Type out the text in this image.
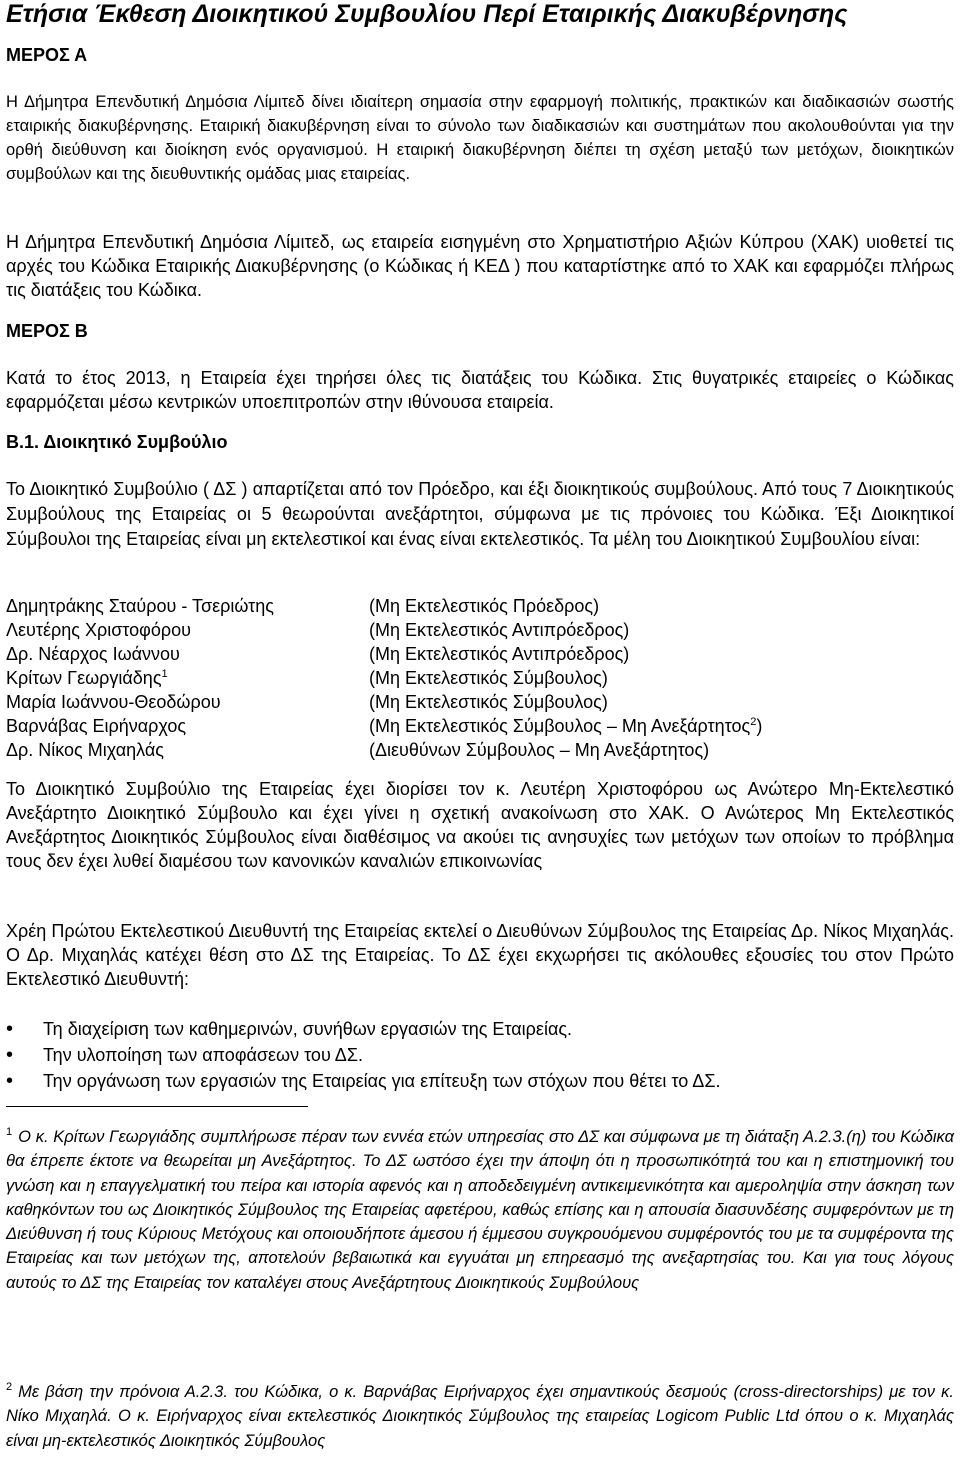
Ετήσια Έκθεση Διοικητικού Συμβουλίου Περί Εταιρικής Διακυβέρνησης
ΜΕΡΟΣ Α

Η Δήμητρα Επενδυτική Δημόσια Λίμιτεδ δίνει ιδιαίτερη σημασία στην εφαρμογή πολιτικής, πρακτικών και διαδικασιών σωστής εταιρικής διακυβέρνησης. Εταιρική διακυβέρνηση είναι το σύνολο των διαδικασιών και συστημάτων που ακολουθούνται για την ορθή διεύθυνση και διοίκηση ενός οργανισμού. Η εταιρική διακυβέρνηση διέπει τη σχέση μεταξύ των μετόχων, διοικητικών συμβούλων και της διευθυντικής ομάδας μιας εταιρείας.

Η Δήμητρα Επενδυτική Δημόσια Λίμιτεδ, ως εταιρεία εισηγμένη στο Χρηματιστήριο Αξιών Κύπρου (ΧΑΚ) υιοθετεί τις αρχές του Κώδικα Εταιρικής Διακυβέρνησης (ο Κώδικας ή ΚΕΔ ) που καταρτίστηκε από το ΧΑΚ και εφαρμόζει πλήρως τις διατάξεις του Κώδικα.

ΜΕΡΟΣ Β

Κατά το έτος 2013, η Εταιρεία έχει τηρήσει όλες τις διατάξεις του Κώδικα. Στις θυγατρικές εταιρείες ο Κώδικας εφαρμόζεται μέσω κεντρικών υποεπιτροπών στην ιθύνουσα εταιρεία.

Β.1. Διοικητικό Συμβούλιο

Το Διοικητικό Συμβούλιο ( ΔΣ ) απαρτίζεται από τον Πρόεδρο, και έξι διοικητικούς συμβούλους. Από τους 7 Διοικητικούς Συμβούλους της Εταιρείας οι 5 θεωρούνται ανεξάρτητοι, σύμφωνα με τις πρόνοιες του Κώδικα. Έξι Διοικητικοί Σύμβουλοι της Εταιρείας είναι μη εκτελεστικοί και ένας είναι εκτελεστικός. Τα μέλη του Διοικητικού Συμβουλίου είναι:

Δημητράκης Σταύρου - Τσεριώτης	(Μη Εκτελεστικός Πρόεδρος)
Λευτέρης Χριστοφόρου	(Μη Εκτελεστικός Αντιπρόεδρος)
Δρ. Νέαρχος Ιωάννου	(Μη Εκτελεστικός Αντιπρόεδρος)
Κρίτων Γεωργιάδης$^1$	(Μη Εκτελεστικός Σύμβουλος)
Μαρία Ιωάννου-Θεοδώρου	(Μη Εκτελεστικός Σύμβουλος)
Βαρνάβας Ειρήναρχος	(Μη Εκτελεστικός Σύμβουλος – Μη Ανεξάρτητος$^2$)
Δρ. Νίκος Μιχαηλάς	(Διευθύνων Σύμβουλος – Μη Ανεξάρτητος)

Το Διοικητικό Συμβούλιο της Εταιρείας έχει διορίσει τον κ. Λευτέρη Χριστοφόρου ως Ανώτερο Μη-Εκτελεστικό Ανεξάρτητο Διοικητικό Σύμβουλο και έχει γίνει η σχετική ανακοίνωση στο ΧΑΚ. Ο Ανώτερος Μη Εκτελεστικός Ανεξάρτητος Διοικητικός Σύμβουλος είναι διαθέσιμος να ακούει τις ανησυχίες των μετόχων των οποίων το πρόβλημα τους δεν έχει λυθεί διαμέσου των κανονικών καναλιών επικοινωνίας

Χρέη Πρώτου Εκτελεστικού Διευθυντή της Εταιρείας εκτελεί ο Διευθύνων Σύμβουλος της Εταιρείας Δρ. Νίκος Μιχαηλάς. Ο Δρ. Μιχαηλάς κατέχει θέση στο ΔΣ της Εταιρείας. Το ΔΣ έχει εκχωρήσει τις ακόλουθες εξουσίες του στον Πρώτο Εκτελεστικό Διευθυντή:

• Τη διαχείριση των καθημερινών, συνήθων εργασιών της Εταιρείας.
• Την υλοποίηση των αποφάσεων του ΔΣ.
• Την οργάνωση των εργασιών της Εταιρείας για επίτευξη των στόχων που θέτει το ΔΣ.

$^1$ Ο κ. Κρίτων Γεωργιάδης συμπλήρωσε πέραν των εννέα ετών υπηρεσίας στο ΔΣ και σύμφωνα με τη διάταξη Α.2.3.(η) του Κώδικα θα έπρεπε έκτοτε να θεωρείται μη Ανεξάρτητος. Το ΔΣ ωστόσο έχει την άποψη ότι η προσωπικότητά του και η επιστημονική του γνώση και η επαγγελματική του πείρα και ιστορία αφενός και η αποδεδειγμένη αντικειμενικότητα και αμεροληψία στην άσκηση των καθηκόντων του ως Διοικητικός Σύμβουλος της Εταιρείας αφετέρου, καθώς επίσης και η απουσία διασυνδέσης συμφερόντων με τη Διεύθυνση ή τους Κύριους Μετόχους και οποιουδήποτε άμεσου ή έμμεσου συγκρουόμενου συμφέροντός του με τα συμφέροντα της Εταιρείας και των μετόχων της, αποτελούν βεβαιωτικά και εγγυάται μη επηρεασμό της ανεξαρτησίας του. Και για τους λόγους αυτούς το ΔΣ της Εταιρείας τον καταλέγει στους Ανεξάρτητους Διοικητικούς Συμβούλους

$^2$ Με βάση την πρόνοια Α.2.3. του Κώδικα, ο κ. Βαρνάβας Ειρήναρχος έχει σημαντικούς δεσμούς (cross-directorships) με τον κ. Νίκο Μιχαηλά. Ο κ. Ειρήναρχος είναι εκτελεστικός Διοικητικός Σύμβουλος της εταιρείας Logicom Public Ltd όπου ο κ. Μιχαηλάς είναι μη-εκτελεστικός Διοικητικός Σύμβουλος
